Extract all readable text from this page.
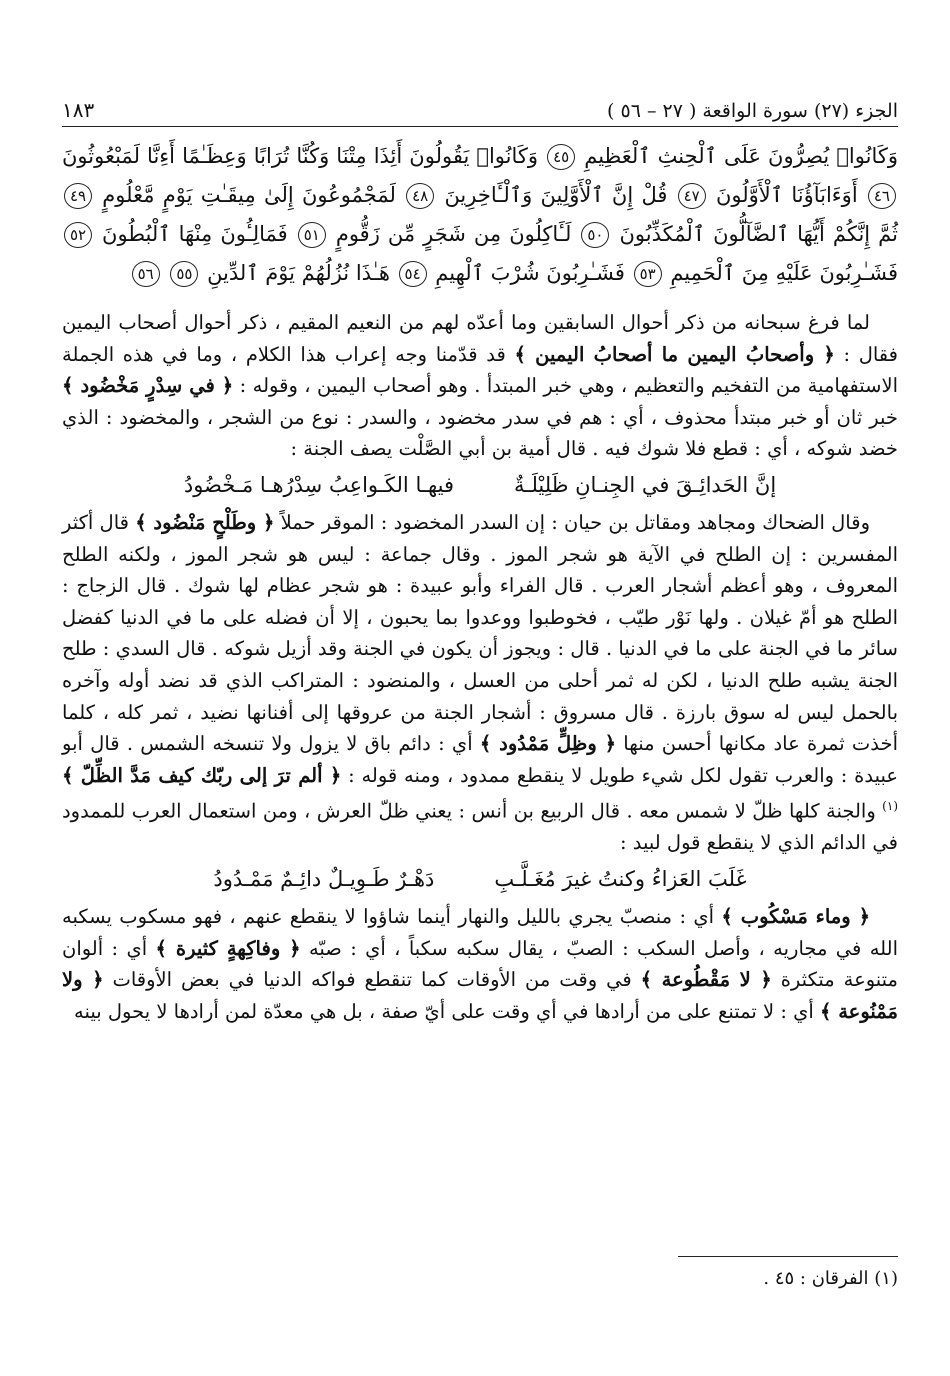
الجزء (٢٧) سورة الواقعة ( ٢٧ – ٥٦ )
١٨٣
وَكَانُوا۟ يُصِرُّونَ عَلَى ٱلْحِنثِ ٱلْعَظِيمِ ٤٥ وَكَانُوا۟ يَقُولُونَ أَئِذَا مِتْنَا وَكُنَّا تُرَابًا وَعِظَـٰمًا أَءِنَّا لَمَبْعُوثُونَ ٤٦ أَوَءَابَآؤُنَا ٱلْأَوَّلُونَ ٤٧ قُلْ إِنَّ ٱلْأَوَّلِينَ وَٱلْـَٔاخِرِينَ ٤٨ لَمَجْمُوعُونَ إِلَىٰ مِيقَـٰتِ يَوْمٍ مَّعْلُومٍ ٤٩ ثُمَّ إِنَّكُمْ أَيُّهَا ٱلضَّآلُّونَ ٱلْمُكَذِّبُونَ ٥٠ لَـَٔاكِلُونَ مِن شَجَرٍ مِّن زَقُّومٍ ٥١ فَمَالِـُٔونَ مِنْهَا ٱلْبُطُونَ ٥٢ فَشَـٰرِبُونَ عَلَيْهِ مِنَ ٱلْحَمِيمِ ٥٣ فَشَـٰرِبُونَ شُرْبَ ٱلْهِيمِ ٥٤ هَـٰذَا نُزُلُهُمْ يَوْمَ ٱلدِّينِ ٥٥ ٥٦

لما فرغ سبحانه من ذكر أحوال السابقين وما أعدّه لهم من النعيم المقيم ، ذكر أحوال أصحاب اليمين فقال : ﴿ وأصحابُ اليمين ما أصحابُ اليمين ﴾ قد قدّمنا وجه إعراب هذا الكلام ، وما في هذه الجملة الاستفهامية من التفخيم والتعظيم ، وهي خبر المبتدأ . وهو أصحاب اليمين ، وقوله : ﴿ في سِدْرٍ مَخْضُود ﴾ خبر ثان أو خبر مبتدأ محذوف ، أي : هم في سدر مخضود ، والسدر : نوع من الشجر ، والمخضود : الذي خضد شوكه ، أي : قطع فلا شوك فيه . قال أمية بن أبي الصَّلْت يصف الجنة :

إنَّ الحَدائِـقَ في الجِنـانِ ظَلِيْلَـةٌ
فيهـا الكَـواعِبُ سِدْرُهـا مَـخْضُودُ

وقال الضحاك ومجاهد ومقاتل بن حيان : إن السدر المخضود : الموقر حملاً ﴿ وطَلْحٍ مَنْضُود ﴾ قال أكثر المفسرين : إن الطلح في الآية هو شجر الموز . وقال جماعة : ليس هو شجر الموز ، ولكنه الطلح المعروف ، وهو أعظم أشجار العرب . قال الفراء وأبو عبيدة : هو شجر عظام لها شوك . قال الزجاج : الطلح هو أمّ غيلان . ولها نَوْر طيّب ، فخوطبوا ووعدوا بما يحبون ، إلا أن فضله على ما في الدنيا كفضل سائر ما في الجنة على ما في الدنيا . قال : ويجوز أن يكون في الجنة وقد أزيل شوكه . قال السدي : طلح الجنة يشبه طلح الدنيا ، لكن له ثمر أحلى من العسل ، والمنضود : المتراكب الذي قد نضد أوله وآخره بالحمل ليس له سوق بارزة . قال مسروق : أشجار الجنة من عروقها إلى أفنانها نضيد ، ثمر كله ، كلما أخذت ثمرة عاد مكانها أحسن منها ﴿ وظِلٍّ مَمْدُود ﴾ أي : دائم باق لا يزول ولا تنسخه الشمس . قال أبو عبيدة : والعرب تقول لكل شيء طويل لا ينقطع ممدود ، ومنه قوله : ﴿ ألم ترَ إلى ربّك كيف مَدَّ الظِّلّ ﴾$^{(١)}$ والجنة كلها ظلّ لا شمس معه . قال الربيع بن أنس : يعني ظلّ العرش ، ومن استعمال العرب للممدود في الدائم الذي لا ينقطع قول لبيد :

غَلَبَ العَزاءُ وكنتُ غيرَ مُغَـلَّـبِ
دَهْـرٌ طَـوِيـلٌ دائِـمٌ مَمْـدُودُ

﴿ وماء مَسْكُوب ﴾ أي : منصبّ يجري بالليل والنهار أينما شاؤوا لا ينقطع عنهم ، فهو مسكوب يسكبه الله في مجاريه ، وأصل السكب : الصبّ ، يقال سكبه سكباً ، أي : صبّه ﴿ وفاكِهةٍ كثيرة ﴾ أي : ألوان متنوعة متكثرة ﴿ لا مَقْطُوعة ﴾ في وقت من الأوقات كما تنقطع فواكه الدنيا في بعض الأوقات ﴿ ولا مَمْنُوعة ﴾ أي : لا تمتنع على من أرادها في أي وقت على أيّ صفة ، بل هي معدّة لمن أرادها لا يحول بينه

(١) الفرقان : ٤٥ .
